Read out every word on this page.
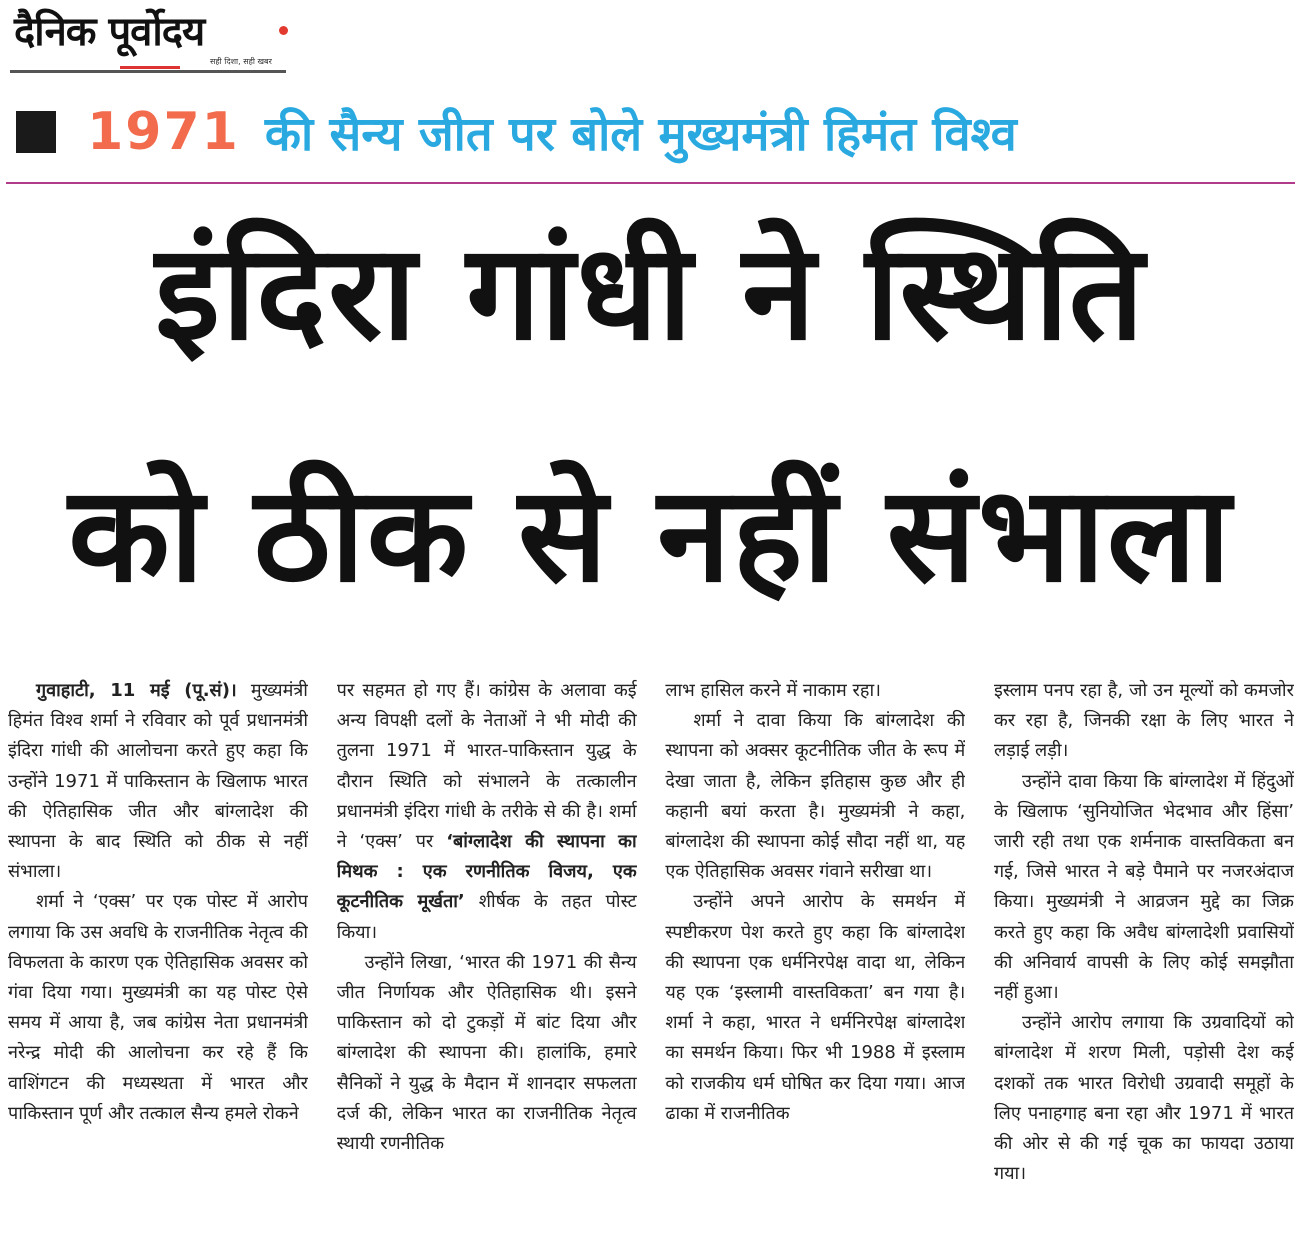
दैनिक पूर्वोदय
सही दिशा, सही खबर
1971 की सैन्य जीत पर बोले मुख्यमंत्री हिमंत विश्व
इंदिरा गांधी ने स्थिति
को ठीक से नहीं संभाला

गुवाहाटी, 11 मई (पू.सं)। मुख्यमंत्री हिमंत विश्व शर्मा ने रविवार को पूर्व प्रधानमंत्री इंदिरा गांधी की आलोचना करते हुए कहा कि उन्होंने 1971 में पाकिस्तान के खिलाफ भारत की ऐतिहासिक जीत और बांग्लादेश की स्थापना के बाद स्थिति को ठीक से नहीं संभाला।

शर्मा ने ‘एक्स’ पर एक पोस्ट में आरोप लगाया कि उस अवधि के राजनीतिक नेतृत्व की विफलता के कारण एक ऐतिहासिक अवसर को गंवा दिया गया। मुख्यमंत्री का यह पोस्ट ऐसे समय में आया है, जब कांग्रेस नेता प्रधानमंत्री नरेन्द्र मोदी की आलोचना कर रहे हैं कि वाशिंगटन की मध्यस्थता में भारत और पाकिस्तान पूर्ण और तत्काल सैन्य हमले रोकने

पर सहमत हो गए हैं। कांग्रेस के अलावा कई अन्य विपक्षी दलों के नेताओं ने भी मोदी की तुलना 1971 में भारत-पाकिस्तान युद्ध के दौरान स्थिति को संभालने के तत्कालीन प्रधानमंत्री इंदिरा गांधी के तरीके से की है। शर्मा ने ‘एक्स’ पर ‘बांग्लादेश की स्थापना का मिथक : एक रणनीतिक विजय, एक कूटनीतिक मूर्खता’ शीर्षक के तहत पोस्ट किया।

उन्होंने लिखा, ‘भारत की 1971 की सैन्य जीत निर्णायक और ऐतिहासिक थी। इसने पाकिस्तान को दो टुकड़ों में बांट दिया और बांग्लादेश की स्थापना की। हालांकि, हमारे सैनिकों ने युद्ध के मैदान में शानदार सफलता दर्ज की, लेकिन भारत का राजनीतिक नेतृत्व स्थायी रणनीतिक

लाभ हासिल करने में नाकाम रहा।

शर्मा ने दावा किया कि बांग्लादेश की स्थापना को अक्सर कूटनीतिक जीत के रूप में देखा जाता है, लेकिन इतिहास कुछ और ही कहानी बयां करता है। मुख्यमंत्री ने कहा, बांग्लादेश की स्थापना कोई सौदा नहीं था, यह एक ऐतिहासिक अवसर गंवाने सरीखा था।

उन्होंने अपने आरोप के समर्थन में स्पष्टीकरण पेश करते हुए कहा कि बांग्लादेश की स्थापना एक धर्मनिरपेक्ष वादा था, लेकिन यह एक ‘इस्लामी वास्तविकता’ बन गया है। शर्मा ने कहा, भारत ने धर्मनिरपेक्ष बांग्लादेश का समर्थन किया। फिर भी 1988 में इस्लाम को राजकीय धर्म घोषित कर दिया गया। आज ढाका में राजनीतिक

इस्लाम पनप रहा है, जो उन मूल्यों को कमजोर कर रहा है, जिनकी रक्षा के लिए भारत ने लड़ाई लड़ी।

उन्होंने दावा किया कि बांग्लादेश में हिंदुओं के खिलाफ ‘सुनियोजित भेदभाव और हिंसा’ जारी रही तथा एक शर्मनाक वास्तविकता बन गई, जिसे भारत ने बड़े पैमाने पर नजरअंदाज किया। मुख्यमंत्री ने आव्रजन मुद्दे का जिक्र करते हुए कहा कि अवैध बांग्लादेशी प्रवासियों की अनिवार्य वापसी के लिए कोई समझौता नहीं हुआ।

उन्होंने आरोप लगाया कि उग्रवादियों को बांग्लादेश में शरण मिली, पड़ोसी देश कई दशकों तक भारत विरोधी उग्रवादी समूहों के लिए पनाहगाह बना रहा और 1971 में भारत की ओर से की गई चूक का फायदा उठाया गया।
